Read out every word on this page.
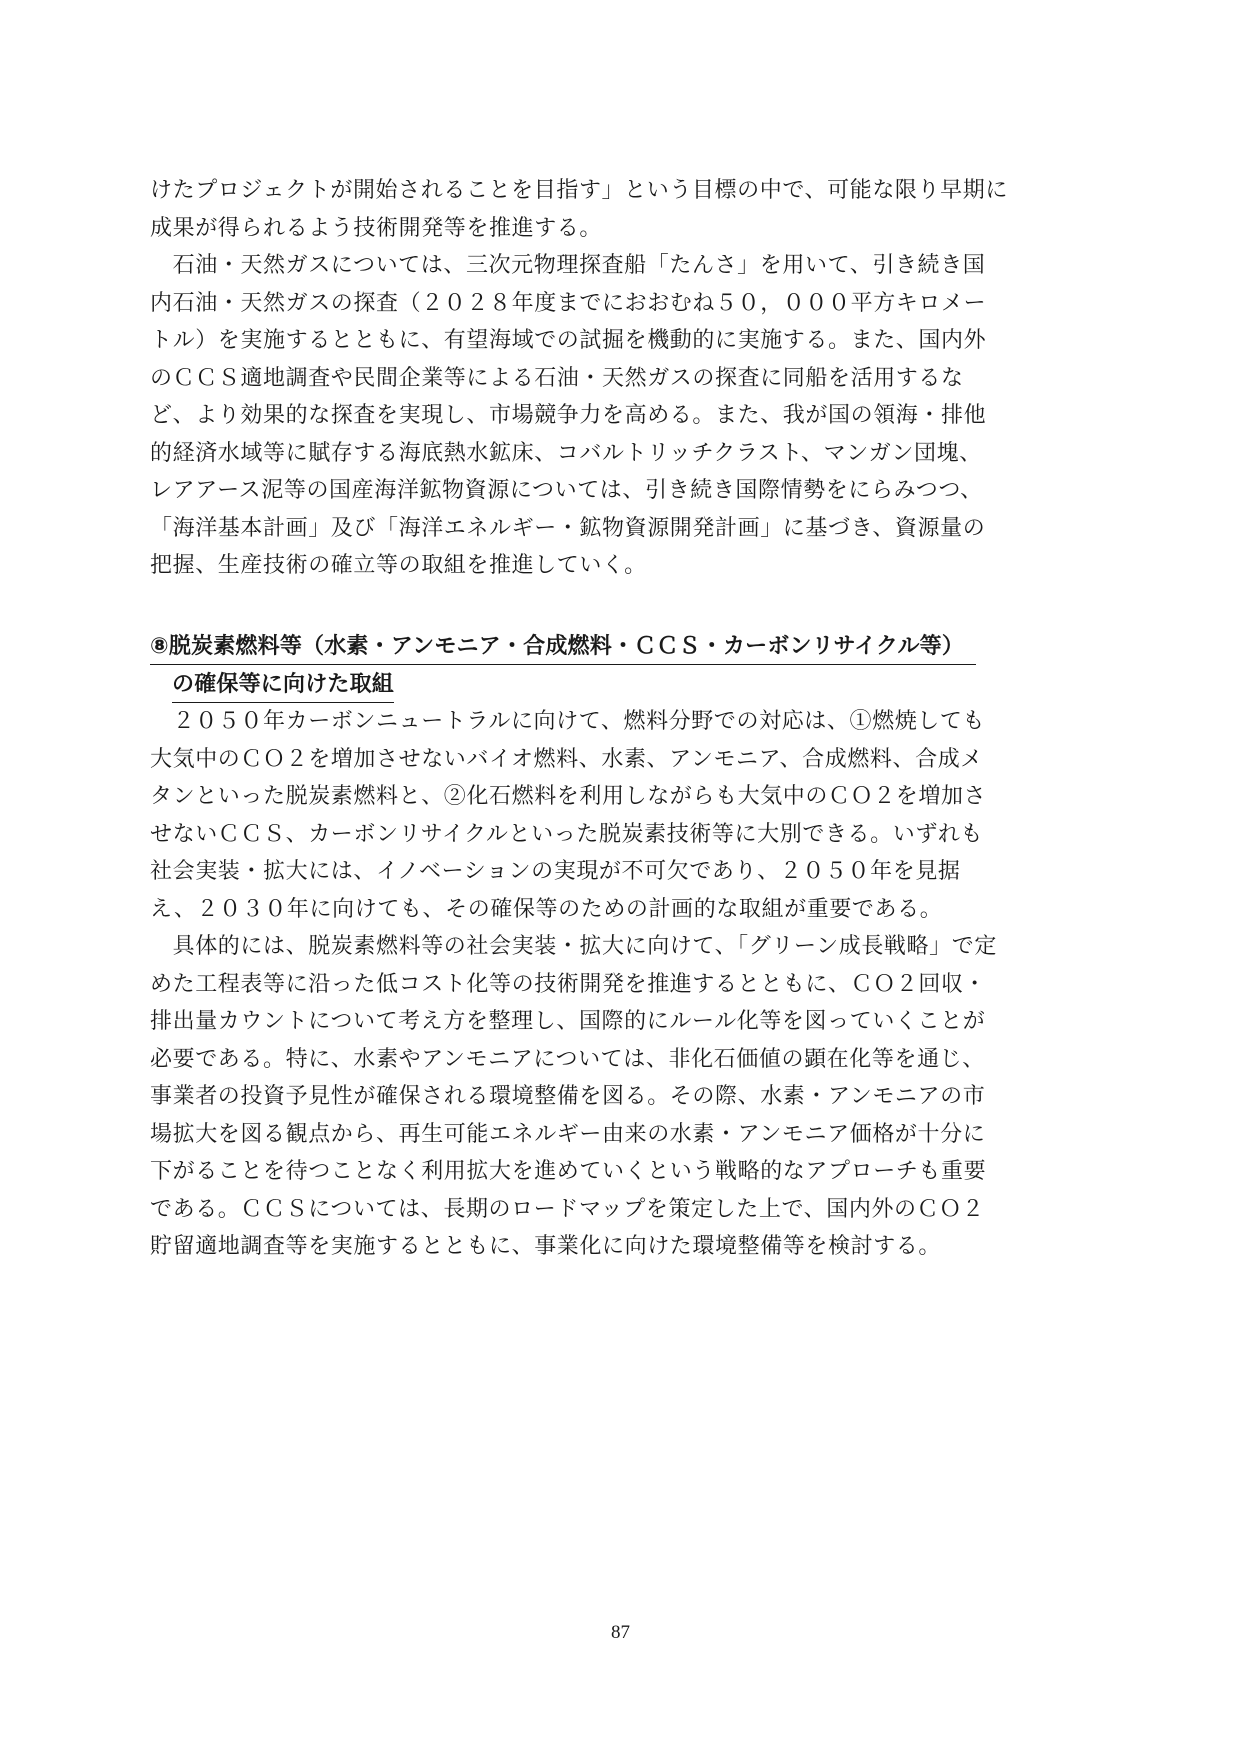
けたプロジェクトが開始されることを目指す」という目標の中で、可能な限り早期に
成果が得られるよう技術開発等を推進する。
　石油・天然ガスについては、三次元物理探査船「たんさ」を用いて、引き続き国
内石油・天然ガスの探査（２０２８年度までにおおむね５０，０００平方キロメー
トル）を実施するとともに、有望海域での試掘を機動的に実施する。また、国内外
のＣＣＳ適地調査や民間企業等による石油・天然ガスの探査に同船を活用するな
ど、より効果的な探査を実現し、市場競争力を高める。また、我が国の領海・排他
的経済水域等に賦存する海底熱水鉱床、コバルトリッチクラスト、マンガン団塊、
レアアース泥等の国産海洋鉱物資源については、引き続き国際情勢をにらみつつ、
「海洋基本計画」及び「海洋エネルギー・鉱物資源開発計画」に基づき、資源量の
把握、生産技術の確立等の取組を推進していく。
⑧脱炭素燃料等（水素・アンモニア・合成燃料・ＣＣＳ・カーボンリサイクル等）
の確保等に向けた取組
　２０５０年カーボンニュートラルに向けて、燃料分野での対応は、①燃焼しても
大気中のＣＯ２を増加させないバイオ燃料、水素、アンモニア、合成燃料、合成メ
タンといった脱炭素燃料と、②化石燃料を利用しながらも大気中のＣＯ２を増加さ
せないＣＣＳ、カーボンリサイクルといった脱炭素技術等に大別できる。いずれも
社会実装・拡大には、イノベーションの実現が不可欠であり、２０５０年を見据
え、２０３０年に向けても、その確保等のための計画的な取組が重要である。
　具体的には、脱炭素燃料等の社会実装・拡大に向けて、「グリーン成長戦略」で定
めた工程表等に沿った低コスト化等の技術開発を推進するとともに、ＣＯ２回収・
排出量カウントについて考え方を整理し、国際的にルール化等を図っていくことが
必要である。特に、水素やアンモニアについては、非化石価値の顕在化等を通じ、
事業者の投資予見性が確保される環境整備を図る。その際、水素・アンモニアの市
場拡大を図る観点から、再生可能エネルギー由来の水素・アンモニア価格が十分に
下がることを待つことなく利用拡大を進めていくという戦略的なアプローチも重要
である。ＣＣＳについては、長期のロードマップを策定した上で、国内外のＣＯ２
貯留適地調査等を実施するとともに、事業化に向けた環境整備等を検討する。
87
